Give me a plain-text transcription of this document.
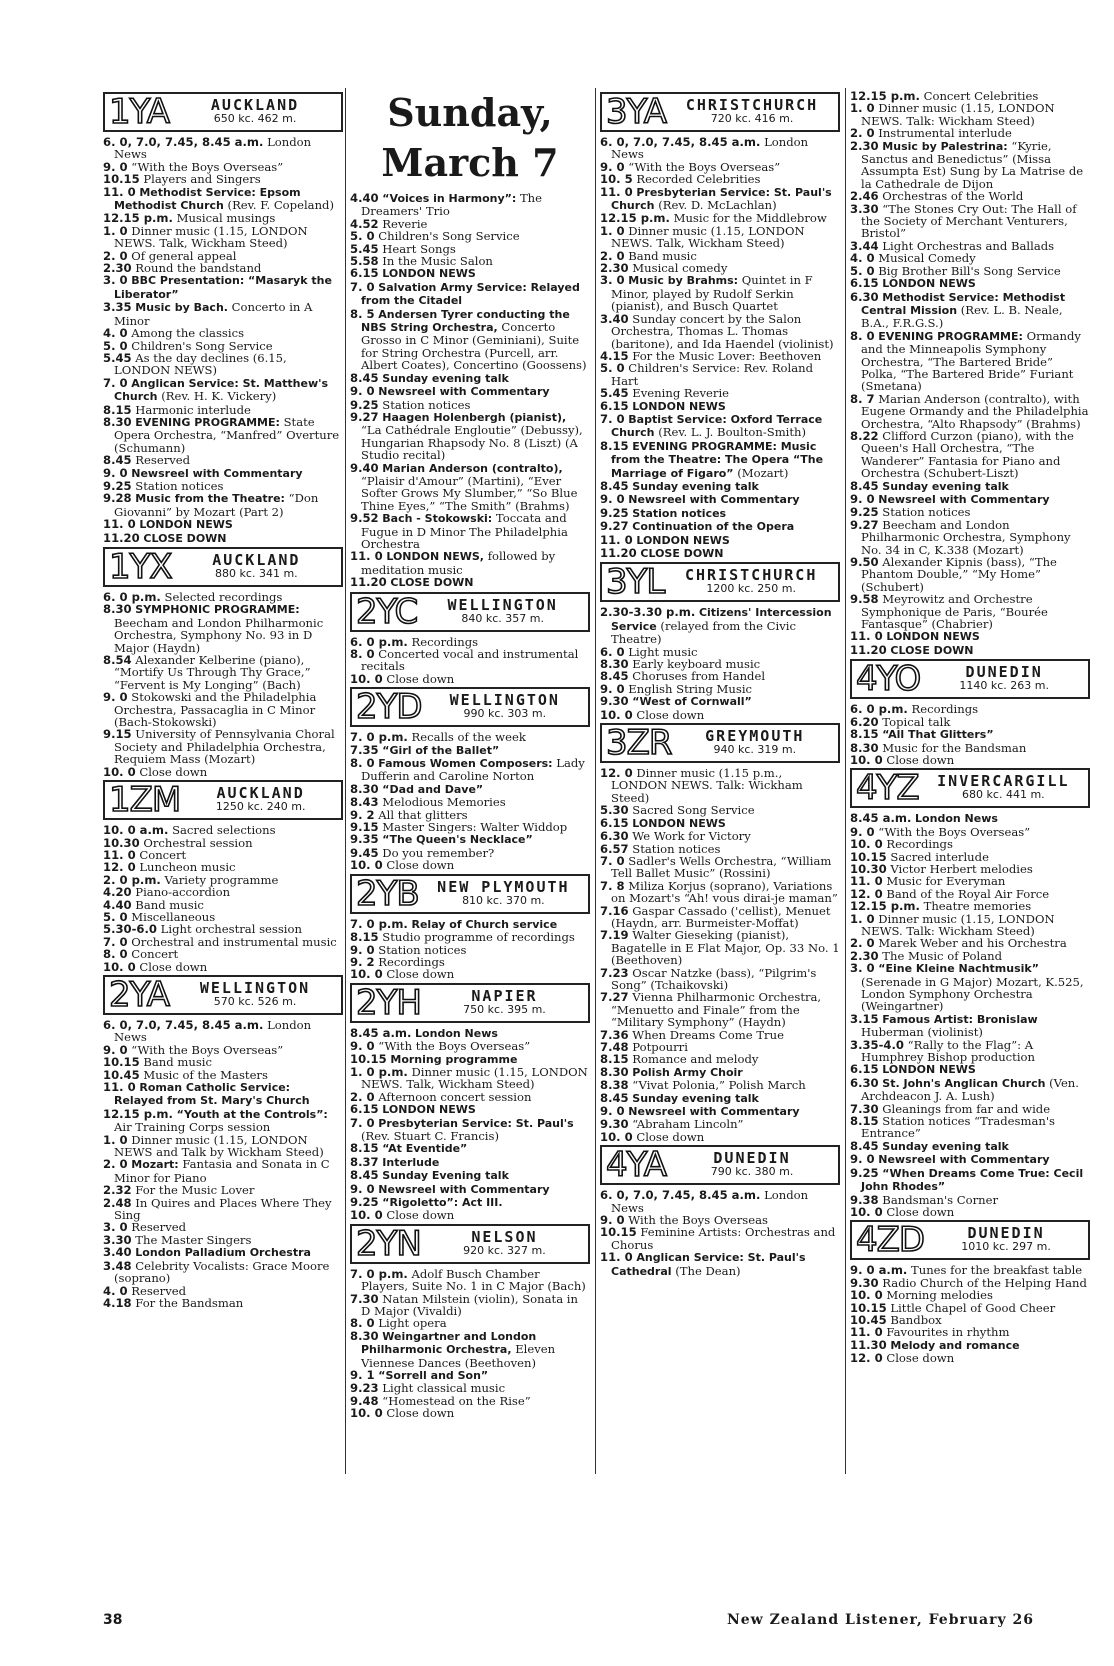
1YA	AUCKLAND
650 kc. 462 m.

6. 0, 7.0, 7.45, 8.45 a.m. London News

9. 0 “With the Boys Overseas”

10.15 Players and Singers

11. 0 Methodist Service: Epsom Methodist Church (Rev. F. Copeland)

12.15 p.m. Musical musings

1. 0 Dinner music (1.15, LONDON NEWS. Talk, Wickham Steed)

2. 0 Of general appeal

2.30 Round the bandstand

3. 0 BBC Presentation: “Masaryk the Liberator”

3.35 Music by Bach. Concerto in A Minor

4. 0 Among the classics

5. 0 Children's Song Service

5.45 As the day declines (6.15, LONDON NEWS)

7. 0 Anglican Service: St. Matthew's Church (Rev. H. K. Vickery)

8.15 Harmonic interlude

8.30 EVENING PROGRAMME: State Opera Orchestra, “Manfred” Overture (Schumann)

8.45 Reserved

9. 0 Newsreel with Commentary

9.25 Station notices

9.28 Music from the Theatre: “Don Giovanni” by Mozart (Part 2)

11. 0 LONDON NEWS

11.20 CLOSE DOWN

1YX	AUCKLAND
880 kc. 341 m.

6. 0 p.m. Selected recordings

8.30 SYMPHONIC PROGRAMME: Beecham and London Philharmonic Orchestra, Symphony No. 93 in D Major (Haydn)

8.54 Alexander Kelberine (piano), “Mortify Us Through Thy Grace,” “Fervent is My Longing” (Bach)

9. 0 Stokowski and the Philadelphia Orchestra, Passacaglia in C Minor (Bach-Stokowski)

9.15 University of Pennsylvania Choral Society and Philadelphia Orchestra, Requiem Mass (Mozart)

10. 0 Close down

1ZM	AUCKLAND
1250 kc. 240 m.

10. 0 a.m. Sacred selections

10.30 Orchestral session

11. 0 Concert

12. 0 Luncheon music

2. 0 p.m. Variety programme

4.20 Piano-accordion

4.40 Band music

5. 0 Miscellaneous

5.30-6.0 Light orchestral session

7. 0 Orchestral and instrumental music

8. 0 Concert

10. 0 Close down

2YA	WELLINGTON
570 kc. 526 m.

6. 0, 7.0, 7.45, 8.45 a.m. London News

9. 0 “With the Boys Overseas”

10.15 Band music

10.45 Music of the Masters

11. 0 Roman Catholic Service: Relayed from St. Mary's Church

12.15 p.m. “Youth at the Controls”: Air Training Corps session

1. 0 Dinner music (1.15, LONDON NEWS and Talk by Wickham Steed)

2. 0 Mozart: Fantasia and Sonata in C Minor for Piano

2.32 For the Music Lover

2.48 In Quires and Places Where They Sing

3. 0 Reserved

3.30 The Master Singers

3.40 London Palladium Orchestra

3.48 Celebrity Vocalists: Grace Moore (soprano)

4. 0 Reserved

4.18 For the Bandsman

Sunday, March 7

4.40 “Voices in Harmony”: The Dreamers' Trio

4.52 Reverie

5. 0 Children's Song Service

5.45 Heart Songs

5.58 In the Music Salon

6.15 LONDON NEWS

7. 0 Salvation Army Service: Relayed from the Citadel

8. 5 Andersen Tyrer conducting the NBS String Orchestra, Concerto Grosso in C Minor (Geminiani), Suite for String Orchestra (Purcell, arr. Albert Coates), Concertino (Goossens)

8.45 Sunday evening talk

9. 0 Newsreel with Commentary

9.25 Station notices

9.27 Haagen Holenbergh (pianist), “La Cathédrale Engloutie” (Debussy), Hungarian Rhapsody No. 8 (Liszt) (A Studio recital)

9.40 Marian Anderson (contralto), “Plaisir d'Amour” (Martini), “Ever Softer Grows My Slumber,” “So Blue Thine Eyes,” “The Smith” (Brahms)

9.52 Bach - Stokowski: Toccata and Fugue in D Minor The Philadelphia Orchestra

11. 0 LONDON NEWS, followed by meditation music

11.20 CLOSE DOWN

2YC	WELLINGTON
840 kc. 357 m.

6. 0 p.m. Recordings

8. 0 Concerted vocal and instrumental recitals

10. 0 Close down

2YD	WELLINGTON
990 kc. 303 m.

7. 0 p.m. Recalls of the week

7.35 “Girl of the Ballet”

8. 0 Famous Women Composers: Lady Dufferin and Caroline Norton

8.30 “Dad and Dave”

8.43 Melodious Memories

9. 2 All that glitters

9.15 Master Singers: Walter Widdop

9.35 “The Queen's Necklace”

9.45 Do you remember?

10. 0 Close down

2YB	NEW PLYMOUTH
810 kc. 370 m.

7. 0 p.m. Relay of Church service

8.15 Studio programme of recordings

9. 0 Station notices

9. 2 Recordings

10. 0 Close down

2YH	NAPIER
750 kc. 395 m.

8.45 a.m. London News

9. 0 “With the Boys Overseas”

10.15 Morning programme

1. 0 p.m. Dinner music (1.15, LONDON NEWS. Talk, Wickham Steed)

2. 0 Afternoon concert session

6.15 LONDON NEWS

7. 0 Presbyterian Service: St. Paul's (Rev. Stuart C. Francis)

8.15 “At Eventide”

8.37 Interlude

8.45 Sunday Evening talk

9. 0 Newsreel with Commentary

9.25 “Rigoletto”: Act III.

10. 0 Close down

2YN	NELSON
920 kc. 327 m.

7. 0 p.m. Adolf Busch Chamber Players, Suite No. 1 in C Major (Bach)

7.30 Natan Milstein (violin), Sonata in D Major (Vivaldi)

8. 0 Light opera

8.30 Weingartner and London Philharmonic Orchestra, Eleven Viennese Dances (Beethoven)

9. 1 “Sorrell and Son”

9.23 Light classical music

9.48 “Homestead on the Rise”

10. 0 Close down

3YA	CHRISTCHURCH
720 kc. 416 m.

6. 0, 7.0, 7.45, 8.45 a.m. London News

9. 0 “With the Boys Overseas”

10. 5 Recorded Celebrities

11. 0 Presbyterian Service: St. Paul's Church (Rev. D. McLachlan)

12.15 p.m. Music for the Middlebrow

1. 0 Dinner music (1.15, LONDON NEWS. Talk, Wickham Steed)

2. 0 Band music

2.30 Musical comedy

3. 0 Music by Brahms: Quintet in F Minor, played by Rudolf Serkin (pianist), and Busch Quartet

3.40 Sunday concert by the Salon Orchestra, Thomas L. Thomas (baritone), and Ida Haendel (violinist)

4.15 For the Music Lover: Beethoven

5. 0 Children's Service: Rev. Roland Hart

5.45 Evening Reverie

6.15 LONDON NEWS

7. 0 Baptist Service: Oxford Terrace Church (Rev. L. J. Boulton-Smith)

8.15 EVENING PROGRAMME: Music from the Theatre: The Opera “The Marriage of Figaro” (Mozart)

8.45 Sunday evening talk

9. 0 Newsreel with Commentary

9.25 Station notices

9.27 Continuation of the Opera

11. 0 LONDON NEWS

11.20 CLOSE DOWN

3YL	CHRISTCHURCH
1200 kc. 250 m.

2.30-3.30 p.m. Citizens' Intercession Service (relayed from the Civic Theatre)

6. 0 Light music

8.30 Early keyboard music

8.45 Choruses from Handel

9. 0 English String Music

9.30 “West of Cornwall”

10. 0 Close down

3ZR	GREYMOUTH
940 kc. 319 m.

12. 0 Dinner music (1.15 p.m., LONDON NEWS. Talk: Wickham Steed)

5.30 Sacred Song Service

6.15 LONDON NEWS

6.30 We Work for Victory

6.57 Station notices

7. 0 Sadler's Wells Orchestra, “William Tell Ballet Music” (Rossini)

7. 8 Miliza Korjus (soprano), Variations on Mozart's “Ah! vous dirai-je maman”

7.16 Gaspar Cassado ('cellist), Menuet (Haydn, arr. Burmeister-Moffat)

7.19 Walter Gieseking (pianist), Bagatelle in E Flat Major, Op. 33 No. 1 (Beethoven)

7.23 Oscar Natzke (bass), “Pilgrim's Song” (Tchaikovski)

7.27 Vienna Philharmonic Orchestra, “Menuetto and Finale” from the “Military Symphony” (Haydn)

7.36 When Dreams Come True

7.48 Potpourri

8.15 Romance and melody

8.30 Polish Army Choir

8.38 “Vivat Polonia,” Polish March

8.45 Sunday evening talk

9. 0 Newsreel with Commentary

9.30 “Abraham Lincoln”

10. 0 Close down

4YA	DUNEDIN
790 kc. 380 m.

6. 0, 7.0, 7.45, 8.45 a.m. London News

9. 0 With the Boys Overseas

10.15 Feminine Artists: Orchestras and Chorus

11. 0 Anglican Service: St. Paul's Cathedral (The Dean)

12.15 p.m. Concert Celebrities

1. 0 Dinner music (1.15, LONDON NEWS. Talk: Wickham Steed)

2. 0 Instrumental interlude

2.30 Music by Palestrina: “Kyrie, Sanctus and Benedictus” (Missa Assumpta Est) Sung by La Matrise de la Cathedrale de Dijon

2.46 Orchestras of the World

3.30 “The Stones Cry Out: The Hall of the Society of Merchant Venturers, Bristol”

3.44 Light Orchestras and Ballads

4. 0 Musical Comedy

5. 0 Big Brother Bill's Song Service

6.15 LONDON NEWS

6.30 Methodist Service: Methodist Central Mission (Rev. L. B. Neale, B.A., F.R.G.S.)

8. 0 EVENING PROGRAMME: Ormandy and the Minneapolis Symphony Orchestra, “The Bartered Bride” Polka, “The Bartered Bride” Furiant (Smetana)

8. 7 Marian Anderson (contralto), with Eugene Ormandy and the Philadelphia Orchestra, “Alto Rhapsody” (Brahms)

8.22 Clifford Curzon (piano), with the Queen's Hall Orchestra, “The Wanderer” Fantasia for Piano and Orchestra (Schubert-Liszt)

8.45 Sunday evening talk

9. 0 Newsreel with Commentary

9.25 Station notices

9.27 Beecham and London Philharmonic Orchestra, Symphony No. 34 in C, K.338 (Mozart)

9.50 Alexander Kipnis (bass), “The Phantom Double,” “My Home” (Schubert)

9.58 Meyrowitz and Orchestre Symphonique de Paris, “Bourée Fantasque” (Chabrier)

11. 0 LONDON NEWS

11.20 CLOSE DOWN

4YO	DUNEDIN
1140 kc. 263 m.

6. 0 p.m. Recordings

6.20 Topical talk

8.15 “All That Glitters”

8.30 Music for the Bandsman

10. 0 Close down

4YZ	INVERCARGILL
680 kc. 441 m.

8.45 a.m. London News

9. 0 “With the Boys Overseas”

10. 0 Recordings

10.15 Sacred interlude

10.30 Victor Herbert melodies

11. 0 Music for Everyman

12. 0 Band of the Royal Air Force

12.15 p.m. Theatre memories

1. 0 Dinner music (1.15, LONDON NEWS. Talk: Wickham Steed)

2. 0 Marek Weber and his Orchestra

2.30 The Music of Poland

3. 0 “Eine Kleine Nachtmusik” (Serenade in G Major) Mozart, K.525, London Symphony Orchestra (Weingartner)

3.15 Famous Artist: Bronislaw Huberman (violinist)

3.35-4.0 “Rally to the Flag”: A Humphrey Bishop production

6.15 LONDON NEWS

6.30 St. John's Anglican Church (Ven. Archdeacon J. A. Lush)

7.30 Gleanings from far and wide

8.15 Station notices “Tradesman's Entrance”

8.45 Sunday evening talk

9. 0 Newsreel with Commentary

9.25 “When Dreams Come True: Cecil John Rhodes”

9.38 Bandsman's Corner

10. 0 Close down

4ZD	DUNEDIN
1010 kc. 297 m.

9. 0 a.m. Tunes for the breakfast table

9.30 Radio Church of the Helping Hand

10. 0 Morning melodies

10.15 Little Chapel of Good Cheer

10.45 Bandbox

11. 0 Favourites in rhythm

11.30 Melody and romance

12. 0 Close down

38	New Zealand Listener, February 26
